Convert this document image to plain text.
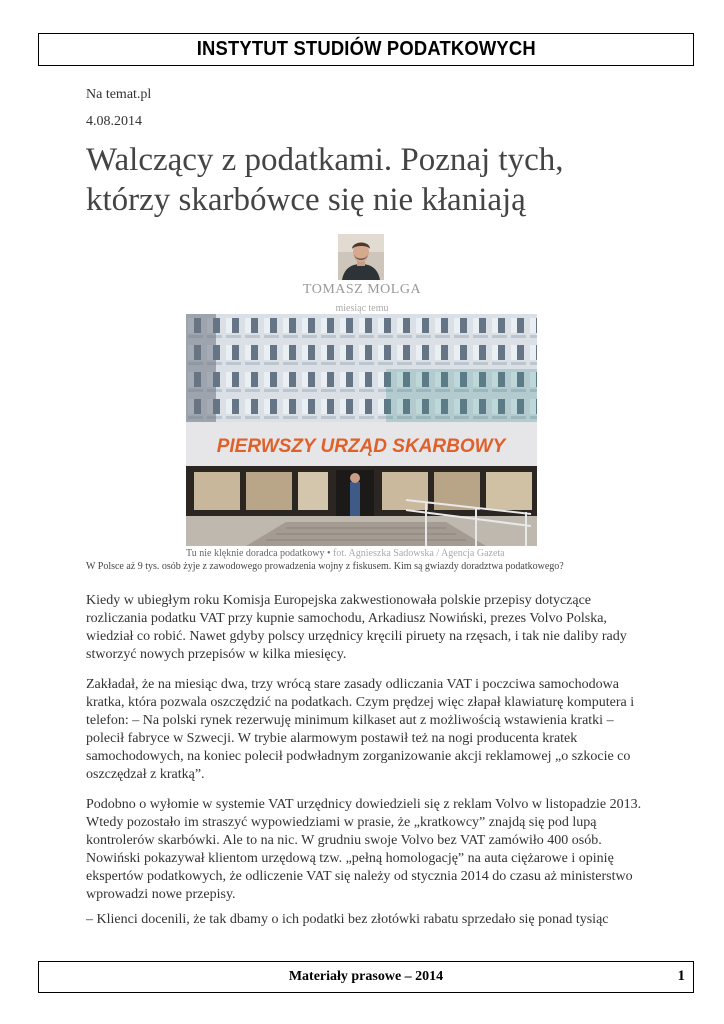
INSTYTUT STUDIÓW PODATKOWYCH
Na temat.pl
4.08.2014
Walczący z podatkami. Poznaj tych,
którzy skarbówce się nie kłaniają
TOMASZ MOLGA
miesiąc temu
PIERWSZY URZĄD SKARBOWY
Tu nie klęknie doradca podatkowy • fot. Agnieszka Sadowska / Agencja Gazeta
W Polsce aż 9 tys. osób żyje z zawodowego prowadzenia wojny z fiskusem. Kim są gwiazdy doradztwa podatkowego?

Kiedy w ubiegłym roku Komisja Europejska zakwestionowała polskie przepisy dotyczące rozliczania podatku VAT przy kupnie samochodu, Arkadiusz Nowiński, prezes Volvo Polska, wiedział co robić. Nawet gdyby polscy urzędnicy kręcili piruety na rzęsach, i tak nie daliby rady stworzyć nowych przepisów w kilka miesięcy.

Zakładał, że na miesiąc dwa, trzy wrócą stare zasady odliczania VAT i poczciwa samochodowa kratka, która pozwala oszczędzić na podatkach. Czym prędzej więc złapał klawiaturę komputera i telefon: – Na polski rynek rezerwuję minimum kilkaset aut z możliwością wstawienia kratki – polecił fabryce w Szwecji. W trybie alarmowym postawił też na nogi producenta kratek samochodowych, na koniec polecił podwładnym zorganizowanie akcji reklamowej „o szkocie co oszczędzał z kratką”.

Podobno o wyłomie w systemie VAT urzędnicy dowiedzieli się z reklam Volvo w listopadzie 2013. Wtedy pozostało im straszyć wypowiedziami w prasie, że „kratkowcy” znajdą się pod lupą kontrolerów skarbówki. Ale to na nic. W grudniu swoje Volvo bez VAT zamówiło 400 osób. Nowiński pokazywał klientom urzędową tzw. „pełną homologację” na auta ciężarowe i opinię ekspertów podatkowych, że odliczenie VAT się należy od stycznia 2014 do czasu aż ministerstwo wprowadzi nowe przepisy.

– Klienci docenili, że tak dbamy o ich podatki bez złotówki rabatu sprzedało się ponad tysiąc

Materiały prasowe – 2014	1
